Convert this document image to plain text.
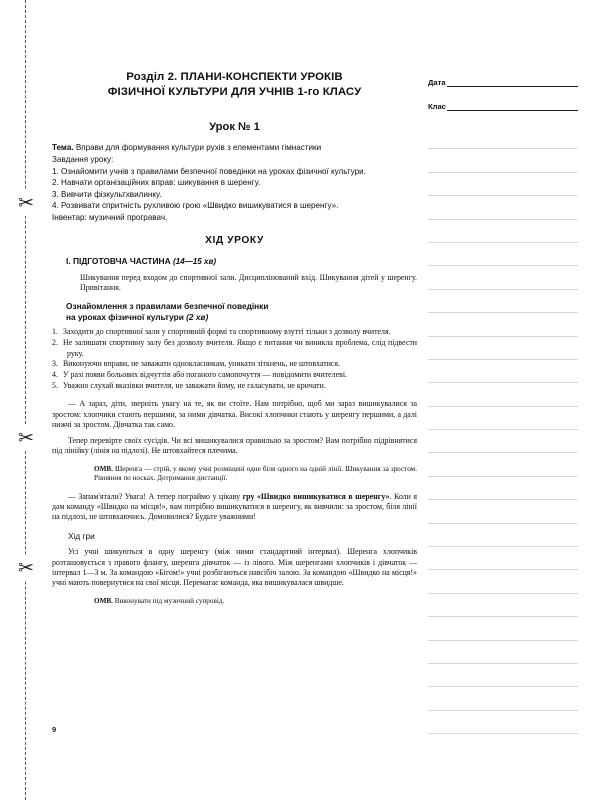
✂
✂
✂
Розділ 2. ПЛАНИ-КОНСПЕКТИ УРОКІВ
ФІЗИЧНОЇ КУЛЬТУРИ ДЛЯ УЧНІВ 1-го КЛАСУ
Урок № 1

Тема. Вправи для формування культури рухів з елементами гімнастики

Завдання уроку:

1. Ознайомити учнів з правилами безпечної поведінки на уроках фізичної культури.

2. Навчати організаційних вправ: шикування в шеренгу.

3. Вивчити фізкультхвилинку.

4. Розвивати спритність рухливою грою «Швидко вишикуватися в шеренгу».

Інвентар: музичний програвач.

ХІД УРОКУ
І. ПІДГОТОВЧА ЧАСТИНА (14—15 хв)

Шикування перед входом до спортивної зали. Дисциплінований вхід. Шикування дітей у шеренгу. Привітання.

Ознайомлення з правилами безпечної поведінки
на уроках фізичної культури (2 хв)
1. Заходити до спортивної зали у спортивній формі та спортивному взутті тільки з дозволу вчителя.
2. Не залишати спортивну залу без дозволу вчителя. Якщо є питання чи виникла проблема, слід підвести руку.
3. Виконуючи вправи, не заважати однокласникам, уникати зіткнень, не штовхатися.
4. У разі появи больових відчуттів або поганого самопочуття — повідомити вчителеві.
5. Уважно слухай вказівки вчителя, не заважати йому, не галасувати, не кричати.

— А зараз, діти, зверніть увагу на те, як ви стоїте. Нам потрібно, щоб ми зараз вишикувалися за зростом: хлопчики стають першими, за ними дівчатка. Високі хлопчики стають у шеренгу першими, а далі нижчі за зростом. Дівчатка так само.

Тепер перевірте своїх сусідів. Чи всі вишикувалися правильно за зростом? Вам потрібно підрівнятися під лінійку (лінія на підлозі). Не штовхайтеся плечима.

ОМВ. Шеренга — стрій, у якому учні розміщені одне біля одного на одній лінії. Шикування за зростом. Рівняння по носках. Дотримання дистанції.

— Запам'ятали? Увага! А тепер пограймо у цікаву гру «Швидко вишикуватися в шеренгу». Коли я дам команду «Швидко на місця!», вам потрібно вишикуватися в шеренгу, як вивчили: за зростом, біля лінії на підлозі, не штовхаючись. Домовилися? Будьте уважними!

Хід гри

Усі учні шикуються в одну шеренгу (між ними стандартний інтервал). Шеренга хлопчиків розташовується з правого флангу, шеренга дівчаток — із лівого. Між шеренгами хлопчиків і дівчаток — інтервал 1—3 м. За командою «Бігом!» учні розбігаються навсібіч залою. За командою «Швидко на місця!» учні мають повернутися на свої місця. Перемагає команда, яка вишикувалася швидше.

ОМВ. Виконувати під музичний супровід.

Дата
Клас
9
